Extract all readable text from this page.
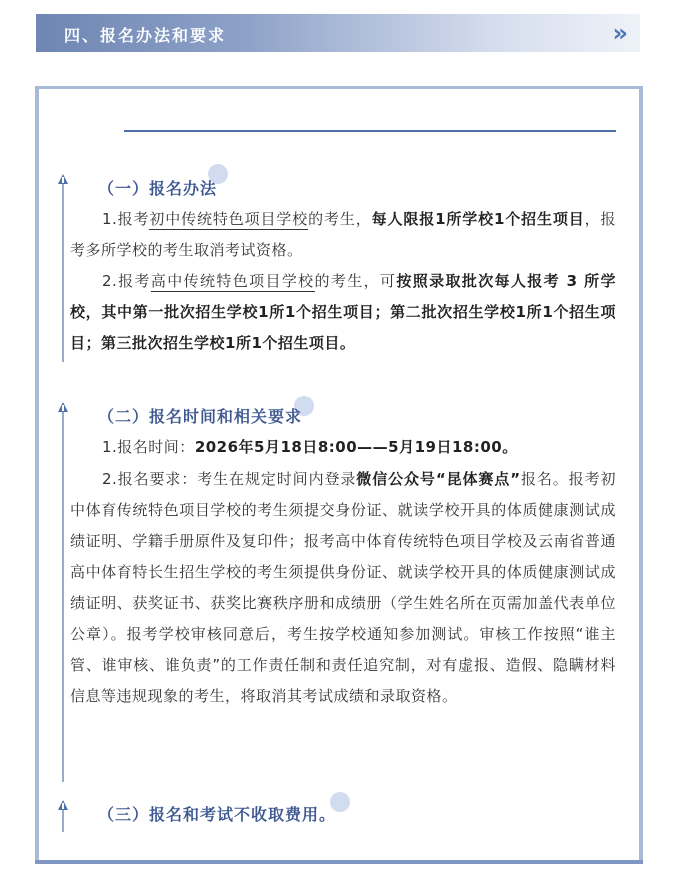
四、报名办法和要求	»
（一）报名办法
1.报考初中传统特色项目学校的考生，每人限报1所学校1个招生项目，报考多所学校的考生取消考试资格。
2.报考高中传统特色项目学校的考生，可按照录取批次每人报考 3 所学校，其中第一批次招生学校1所1个招生项目；第二批次招生学校1所1个招生项目；第三批次招生学校1所1个招生项目。
（二）报名时间和相关要求
1.报名时间：2026年5月18日8:00——5月19日18:00。
2.报名要求：考生在规定时间内登录微信公众号“昆体赛点”报名。报考初中体育传统特色项目学校的考生须提交身份证、就读学校开具的体质健康测试成绩证明、学籍手册原件及复印件；报考高中体育传统特色项目学校及云南省普通高中体育特长生招生学校的考生须提供身份证、就读学校开具的体质健康测试成绩证明、获奖证书、获奖比赛秩序册和成绩册（学生姓名所在页需加盖代表单位公章）。报考学校审核同意后，考生按学校通知参加测试。审核工作按照“谁主管、谁审核、谁负责”的工作责任制和责任追究制，对有虚报、造假、隐瞒材料信息等违规现象的考生，将取消其考试成绩和录取资格。
（三）报名和考试不收取费用。
